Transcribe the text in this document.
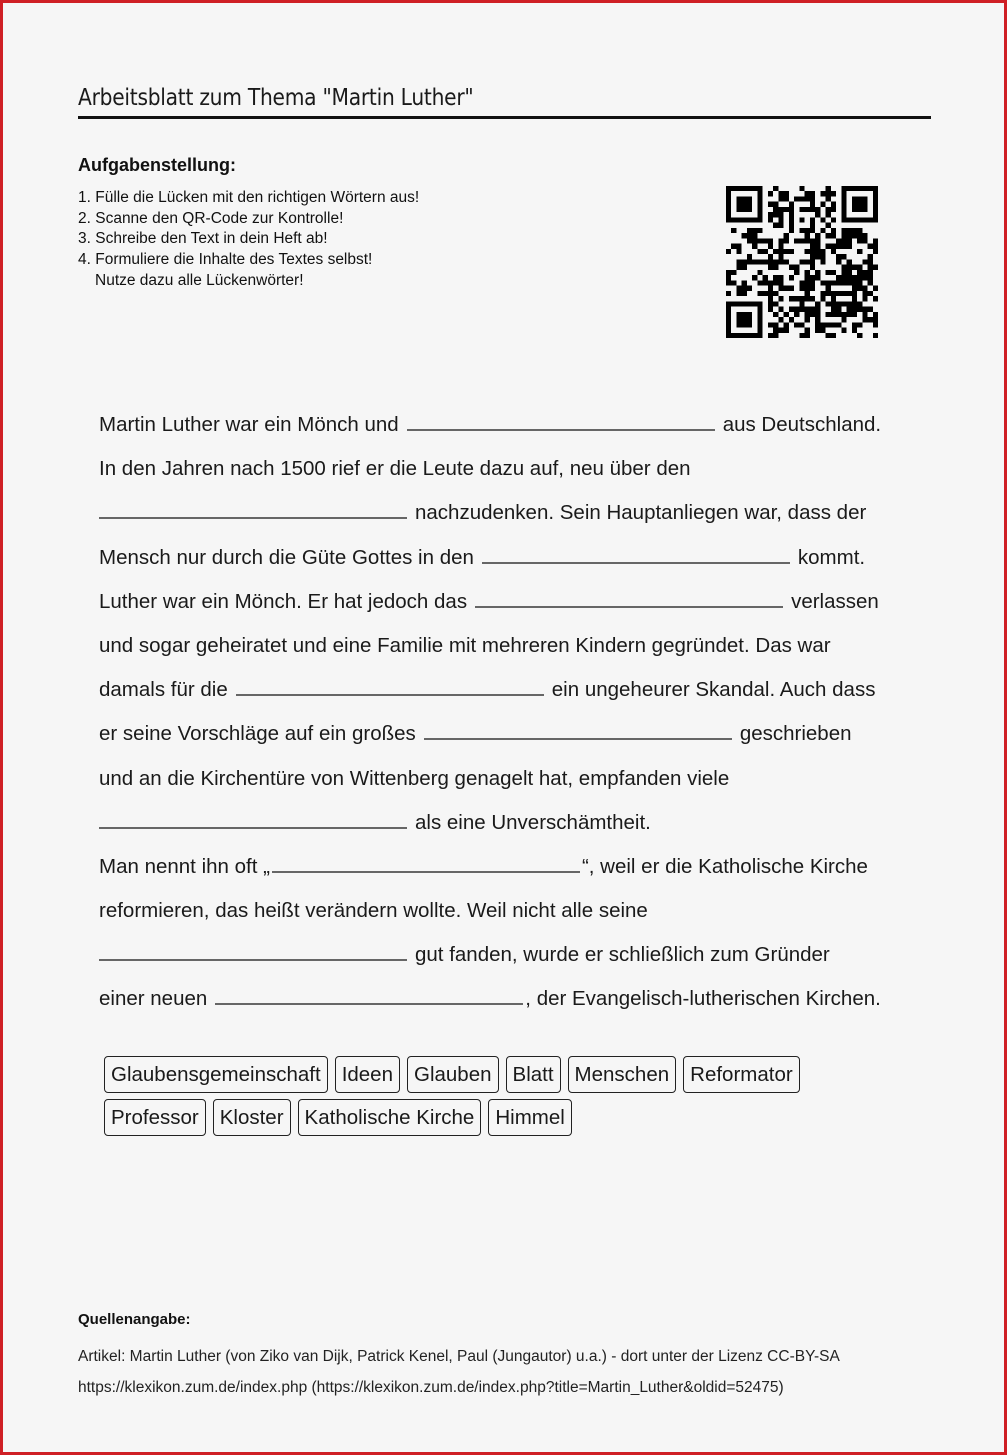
Arbeitsblatt zum Thema "Martin Luther"
Aufgabenstellung:
1. Fülle die Lücken mit den richtigen Wörtern aus!
2. Scanne den QR-Code zur Kontrolle!
3. Schreibe den Text in dein Heft ab!
4. Formuliere die Inhalte des Textes selbst!
Nutze dazu alle Lückenwörter!
Martin Luther war ein Mönch und	aus Deutschland.
In den Jahren nach 1500 rief er die Leute dazu auf, neu über den
nachzudenken. Sein Hauptanliegen war, dass der
Mensch nur durch die Güte Gottes in den	kommt.
Luther war ein Mönch. Er hat jedoch das	verlassen
und sogar geheiratet und eine Familie mit mehreren Kindern gegründet. Das war
damals für die	ein ungeheurer Skandal. Auch dass
er seine Vorschläge auf ein großes	geschrieben
und an die Kirchentüre von Wittenberg genagelt hat, empfanden viele
als eine Unverschämtheit.
Man nennt ihn oft „	“, weil er die Katholische Kirche
reformieren, das heißt verändern wollte. Weil nicht alle seine
gut fanden, wurde er schließlich zum Gründer
einer neuen	, der Evangelisch-lutherischen Kirchen.
Glaubensgemeinschaft	Ideen	Glauben	Blatt	Menschen	Reformator
Professor	Kloster	Katholische Kirche	Himmel
Quellenangabe:
Artikel: Martin Luther (von Ziko van Dijk, Patrick Kenel, Paul (Jungautor) u.a.) - dort unter der Lizenz CC-BY-SA
https://klexikon.zum.de/index.php (https://klexikon.zum.de/index.php?title=Martin_Luther&oldid=52475)
